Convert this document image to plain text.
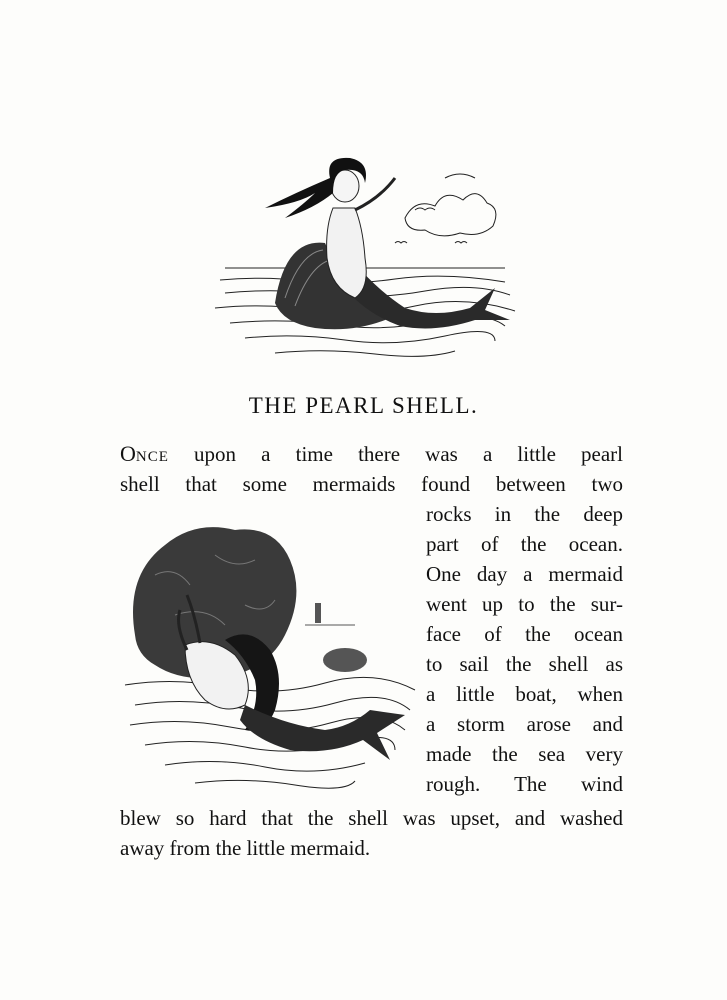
THE PEARL SHELL.

ONCE upon a time there was a little pearl

shell that some mermaids found between two

rocks in the deep

part of the ocean.

One day a mermaid

went up to the sur-

face of the ocean

to sail the shell as

a little boat, when

a storm arose and

made the sea very

rough. The wind

blew so hard that the shell was upset, and washed

away from the little mermaid.
